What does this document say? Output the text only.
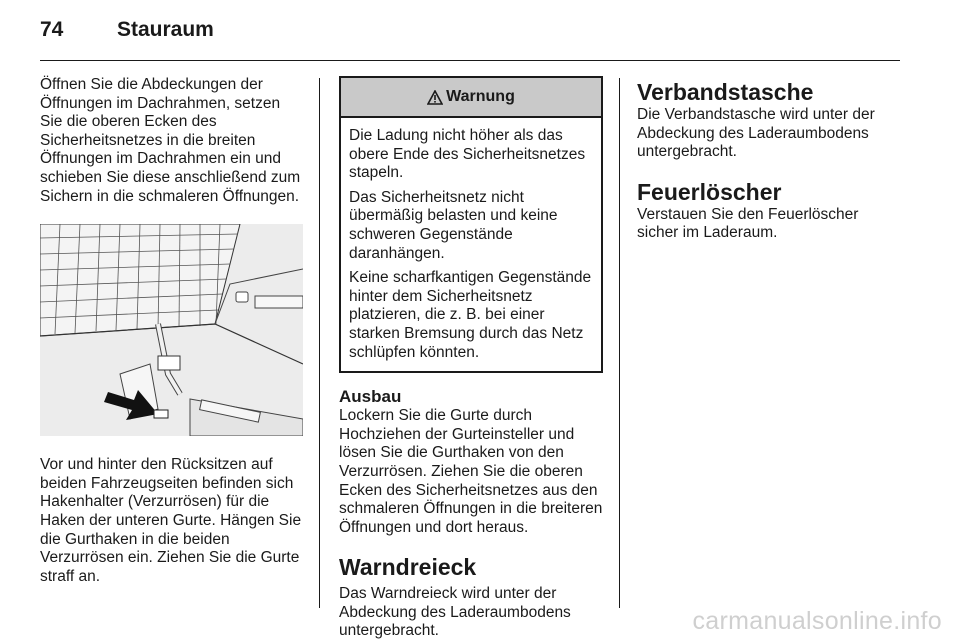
74	Stauraum

Öffnen Sie die Abdeckungen der Öffnungen im Dachrahmen, setzen Sie die oberen Ecken des Sicherheitsnetzes in die breiten Öffnungen im Dachrahmen ein und schieben Sie diese anschließend zum Sichern in die schmaleren Öffnungen.

Vor und hinter den Rücksitzen auf beiden Fahrzeugseiten befinden sich Hakenhalter (Verzurrösen) für die Haken der unteren Gurte. Hängen Sie die Gurthaken in die beiden Verzurrösen ein. Ziehen Sie die Gurte straff an.

Warnung

Die Ladung nicht höher als das obere Ende des Sicherheitsnetzes stapeln.

Das Sicherheitsnetz nicht übermäßig belasten und keine schweren Gegenstände daranhängen.

Keine scharfkantigen Gegenstände hinter dem Sicherheitsnetz platzieren, die z. B. bei einer starken Bremsung durch das Netz schlüpfen könnten.

Ausbau

Lockern Sie die Gurte durch Hochziehen der Gurteinsteller und lösen Sie die Gurthaken von den Verzurrösen. Ziehen Sie die oberen Ecken des Sicherheitsnetzes aus den schmaleren Öffnungen in die breiteren Öffnungen und dort heraus.

Warndreieck

Das Warndreieck wird unter der Abdeckung des Laderaumbodens untergebracht.

Verbandstasche

Die Verbandstasche wird unter der Abdeckung des Laderaumbodens untergebracht.

Feuerlöscher

Verstauen Sie den Feuerlöscher sicher im Laderaum.

carmanualsonline.info
